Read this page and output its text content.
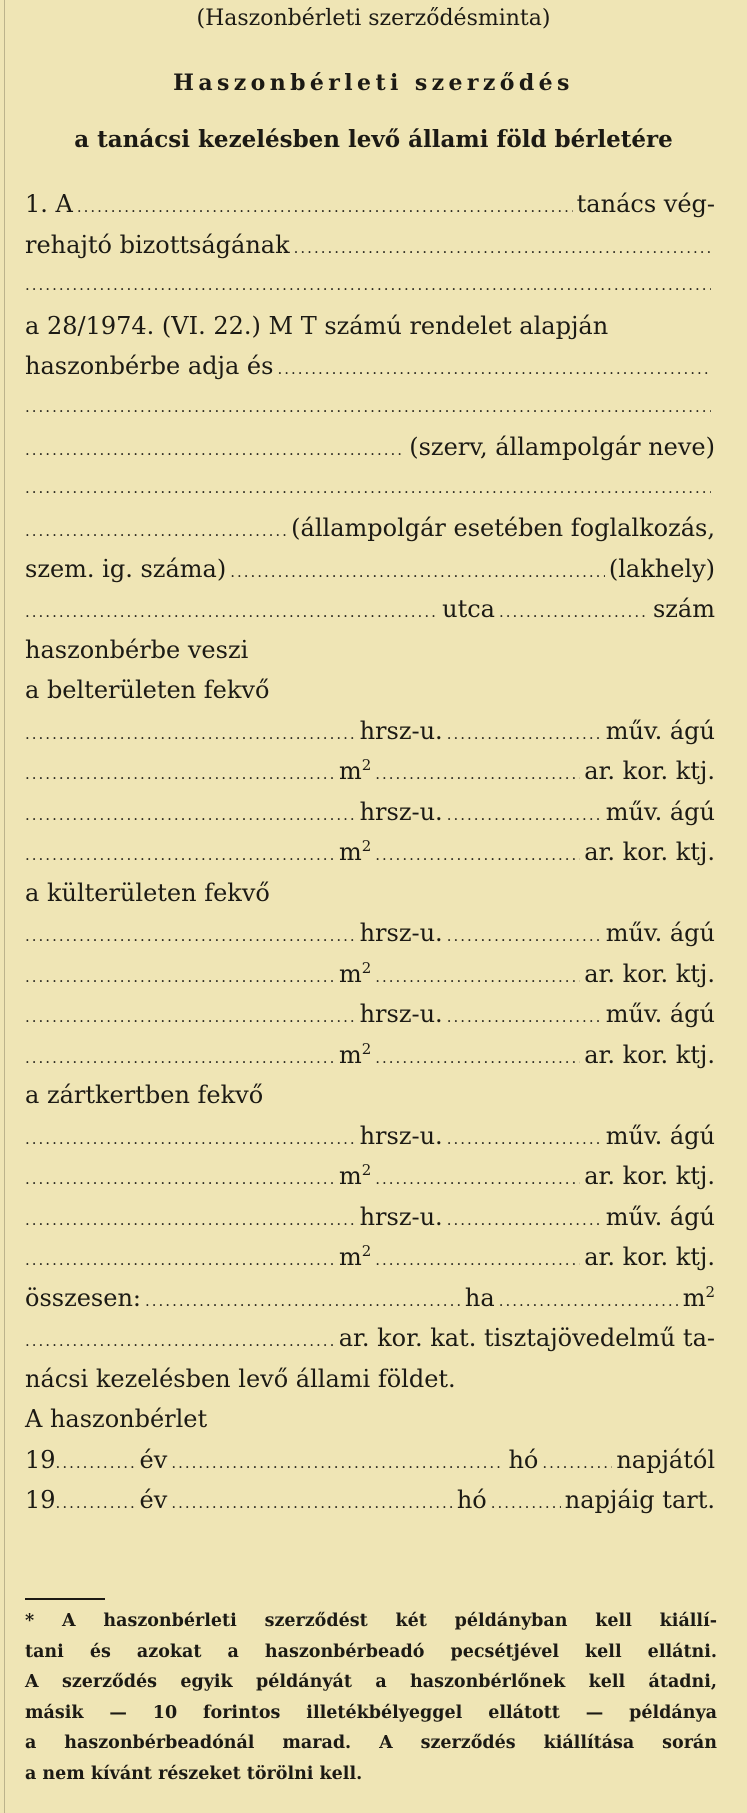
(Haszonbérleti szerződésminta)
Haszonbérleti szerződés
a tanácsi kezelésben levő állami föld bérletére
1. A .....	tanács vég-
rehajtó bizottságának
.....
.....
a 28/1974. (VI. 22.) M T számú rendelet alapján
haszonbérbe adja és
.....
.....
.....
(szerv, állampolgár neve)
.....
.....
(állampolgár esetében foglalkozás,
szem. ig. száma) .....	(lakhely)
.....
utca .....	szám
haszonbérbe veszi
a belterületen fekvő
.....
hrsz-u. .....	műv. ágú
.....
$m^2$ .....	ar. kor. ktj.
.....
hrsz-u. .....	műv. ágú
.....
$m^2$ .....	ar. kor. ktj.
a külterületen fekvő
.....
hrsz-u. .....	műv. ágú
.....
$m^2$ .....	ar. kor. ktj.
.....
hrsz-u. .....	műv. ágú
.....
$m^2$ .....	ar. kor. ktj.
a zártkertben fekvő
.....
hrsz-u. .....	műv. ágú
.....
$m^2$ .....	ar. kor. ktj.
.....
hrsz-u. .....	műv. ágú
.....
$m^2$ .....	ar. kor. ktj.
összesen: .....	ha .....	$m^2$
.....
ar. kor. kat. tisztajövedelmű ta-
nácsi kezelésben levő állami földet.
A haszonbérlet
19 .....	év .....	hó .....	napjától
19 .....	év .....	hó .....	napjáig tart.
* A haszonbérleti szerződést két példányban kell kiállí-
tani és azokat a haszonbérbeadó pecsétjével kell ellátni.
A szerződés egyik példányát a haszonbérlőnek kell átadni,
másik — 10 forintos illetékbélyeggel ellátott — példánya
a haszonbérbeadónál marad. A szerződés kiállítása során
a nem kívánt részeket törölni kell.
